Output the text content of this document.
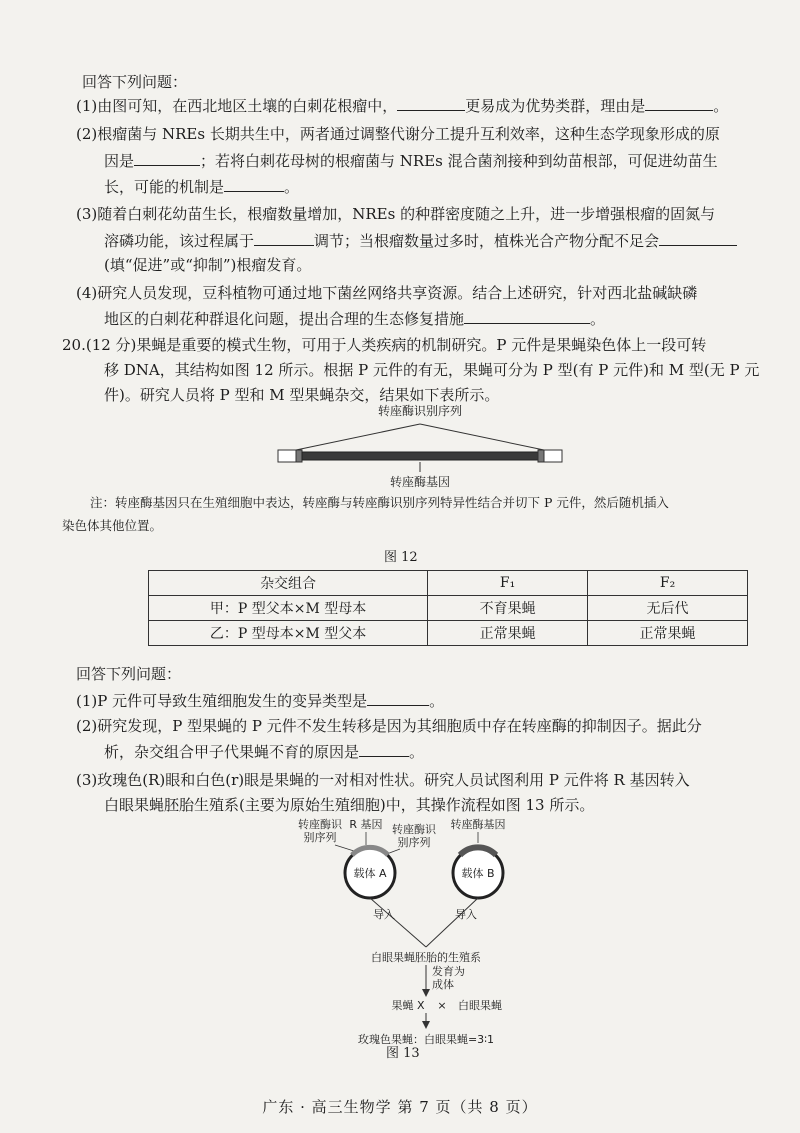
回答下列问题：
(1)由图可知，在西北地区土壤的白刺花根瘤中，	更易成为优势类群，理由是	。
(2)根瘤菌与 NREs 长期共生中，两者通过调整代谢分工提升互利效率，这种生态学现象形成的原
因是	；若将白刺花母树的根瘤菌与 NREs 混合菌剂接种到幼苗根部，可促进幼苗生
长，可能的机制是	。
(3)随着白刺花幼苗生长，根瘤数量增加，NREs 的种群密度随之上升，进一步增强根瘤的固氮与
溶磷功能，该过程属于	调节；当根瘤数量过多时，植株光合产物分配不足会
(填“促进”或“抑制”)根瘤发育。
(4)研究人员发现，豆科植物可通过地下菌丝网络共享资源。结合上述研究，针对西北盐碱缺磷
地区的白刺花种群退化问题，提出合理的生态修复措施	。
20.(12 分)果蝇是重要的模式生物，可用于人类疾病的机制研究。P 元件是果蝇染色体上一段可转
移 DNA，其结构如图 12 所示。根据 P 元件的有无，果蝇可分为 P 型(有 P 元件)和 M 型(无 P 元
件)。研究人员将 P 型和 M 型果蝇杂交，结果如下表所示。
转座酶识别序列
转座酶基因
注：转座酶基因只在生殖细胞中表达，转座酶与转座酶识别序列特异性结合并切下 P 元件，然后随机插入
染色体其他位置。
图 12
杂交组合	F₁	F₂
甲：P 型父本×M 型母本	不育果蝇	无后代
乙：P 型母本×M 型父本	正常果蝇	正常果蝇
回答下列问题：
(1)P 元件可导致生殖细胞发生的变异类型是	。
(2)研究发现，P 型果蝇的 P 元件不发生转移是因为其细胞质中存在转座酶的抑制因子。据此分
析，杂交组合甲子代果蝇不育的原因是	。
(3)玫瑰色(R)眼和白色(r)眼是果蝇的一对相对性状。研究人员试图利用 P 元件将 R 基因转入
白眼果蝇胚胎生殖系(主要为原始生殖细胞)中，其操作流程如图 13 所示。
转座酶识
别序列
R 基因 转座酶识
别序列
转座酶基因
载体 A	载体 B
导入	导入
白眼果蝇胚胎的生殖系
发育为
成体
果蝇 X × 白眼果蝇
玫瑰色果蝇：白眼果蝇=3∶1
图 13
广东 · 高三生物学 第 7 页（共 8 页）
